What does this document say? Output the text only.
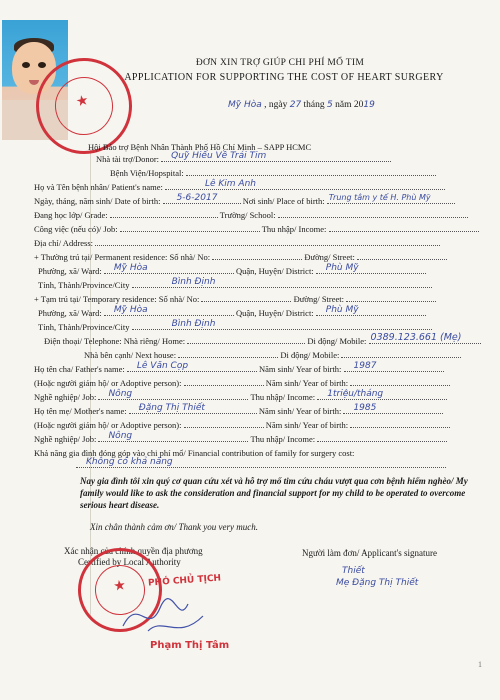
★
ĐƠN XIN TRỢ GIÚP CHI PHÍ MỔ TIM
APPLICATION FOR SUPPORTING THE COST OF HEART SURGERY
Mỹ Hòa , ngày 27 tháng 5 năm 2019
Hội Bảo trợ Bệnh Nhân Thành Phố Hồ Chí Minh – SAPP HCMC
Nhà tài trợ/Donor: Quỹ Hiếu Về Trái Tim
Bệnh Viện/Hopspital:
Họ và Tên bệnh nhân/ Patient's name:	Lê Kim Anh
Ngày, tháng, năm sinh/ Date of birth: 5-6-2017	Nơi sinh/ Place of birth: Trung tâm y tế H. Phù Mỹ
Đang học lớp/ Grade:	Trường/ School:
Công việc (nếu có)/ Job:	Thu nhập/ Income:
Địa chỉ/ Address:
+ Thường trú tại/ Permanent residence: Số nhà/ No:	Đường/ Street:
Phường, xã/ Ward: Mỹ Hòa	Quận, Huyện/ District: Phù Mỹ
Tỉnh, Thành/Province/City	Bình Định
+ Tạm trú tại/ Temporary residence: Số nhà/ No:	Đường/ Street:
Phường, xã/ Ward: Mỹ Hòa	Quận, Huyện/ District: Phù Mỹ
Tỉnh, Thành/Province/City	Bình Định
Điện thoại/ Telephone: Nhà riêng/ Home:	Di động/ Mobile: 0389.123.661 (Mẹ)
Nhà bên cạnh/ Next house:	Di động/ Mobile:
Họ tên cha/ Father's name: Lê Văn Cọp	Năm sinh/ Year of birth: 1987
(Hoặc người giám hộ/ or Adoptive person):	Năm sinh/ Year of birth:
Nghề nghiệp/ Job: Nông	Thu nhập/ Income: 1triệu/tháng
Họ tên mẹ/ Mother's name: Đặng Thị Thiết	Năm sinh/ Year of birth: 1985
(Hoặc người giám hộ/ or Adoptive person):	Năm sinh/ Year of birth:
Nghề nghiệp/ Job: Nông	Thu nhập/ Income:
Khả năng gia đình đóng góp vào chi phí mổ/ Financial contribution of family for surgery cost:
Không có khả năng
Nay gia đình tôi xin quý cơ quan cứu xét và hỗ trợ mổ tim cứu cháu vượt qua cơn bệnh hiểm nghèo/ My family would like to ask the consideration and financial support for my child to be operated to overcome serious heart disease.
Xin chân thành cảm ơn/ Thank you very much.
Xác nhận của chính quyền địa phương
Certified by Local Authority
Người làm đơn/ Applicant's signature
Thiết
Mẹ Đặng Thị Thiết
★ PHÓ CHỦ TỊCH
Phạm Thị Tâm
1
